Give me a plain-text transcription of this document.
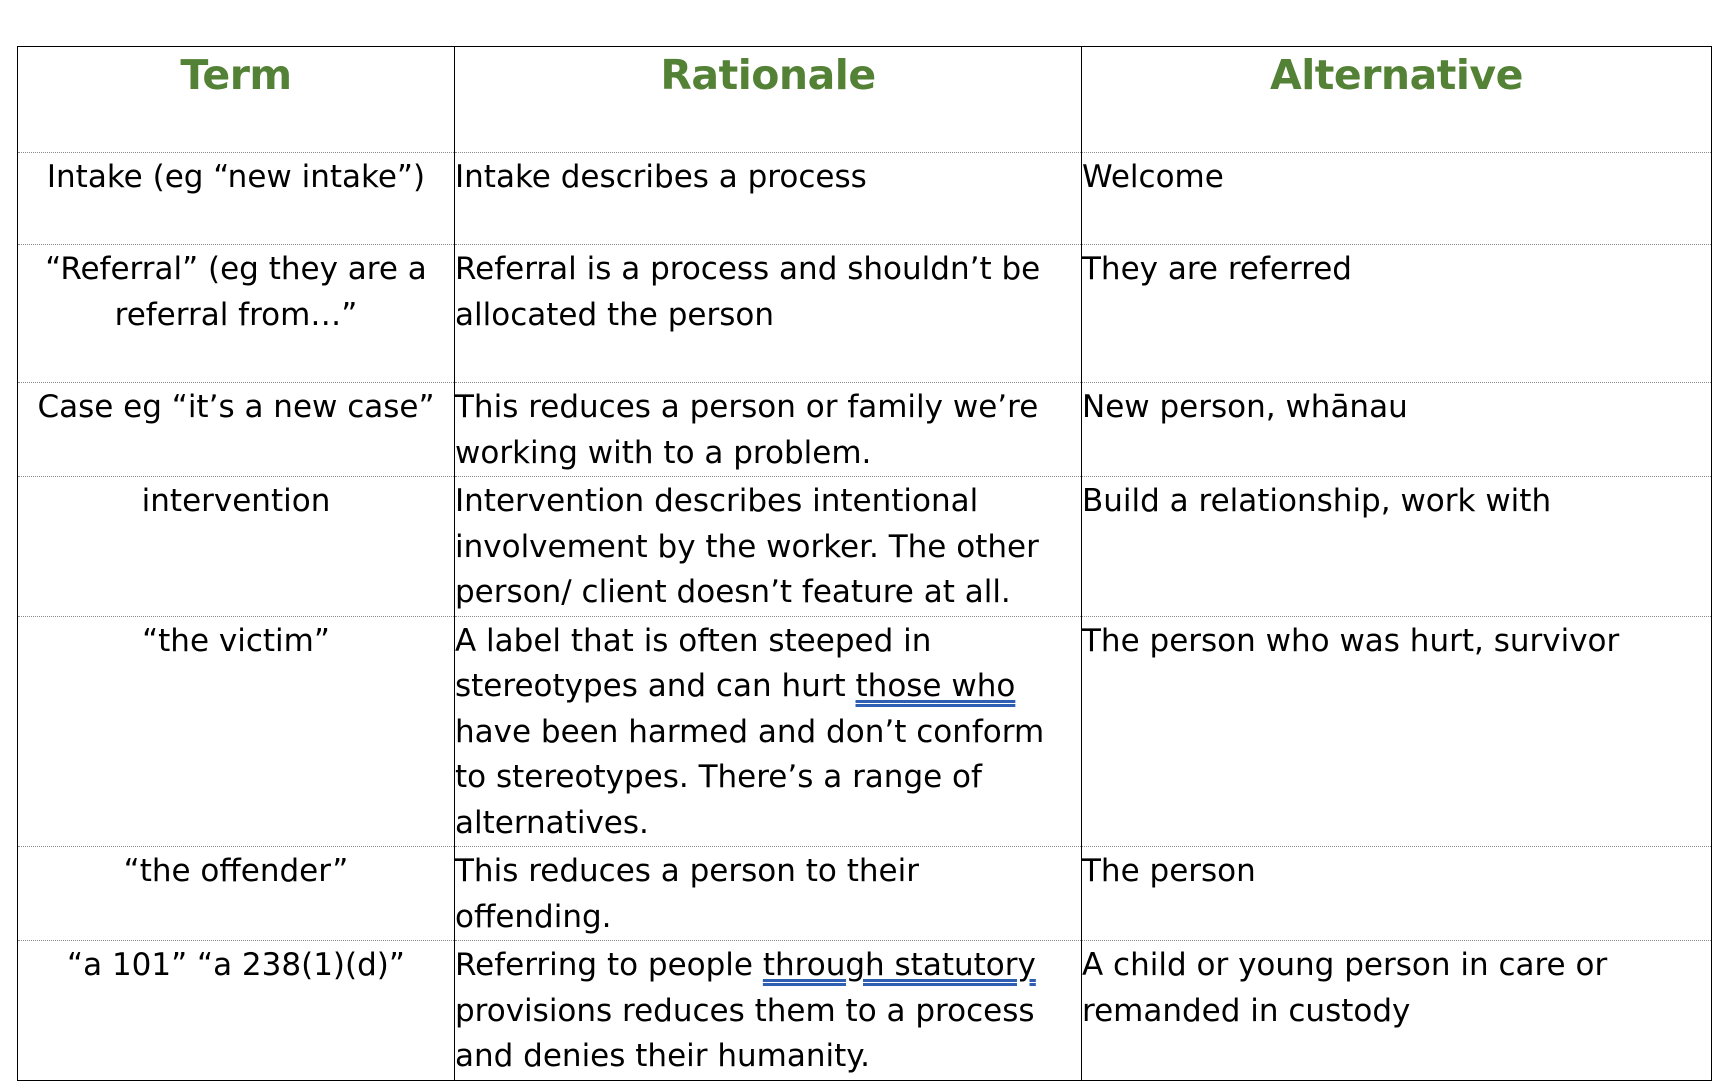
Term	Rationale	Alternative
Intake (eg “new intake”)	Intake describes a process	Welcome
“Referral” (eg they are a referral from…”	Referral is a process and shouldn’t be allocated the person	They are referred
Case eg “it’s a new case”	This reduces a person or family we’re working with to a problem.	New person, whānau
intervention	Intervention describes intentional involvement by the worker. The other person/ client doesn’t feature at all.	Build a relationship, work with
“the victim”	A label that is often steeped in stereotypes and can hurt those who have been harmed and don’t conform to stereotypes. There’s a range of alternatives.	The person who was hurt, survivor
“the offender”	This reduces a person to their offending.	The person
“a 101” “a 238(1)(d)”	Referring to people through statutory provisions reduces them to a process and denies their humanity.	A child or young person in care or remanded in custody
